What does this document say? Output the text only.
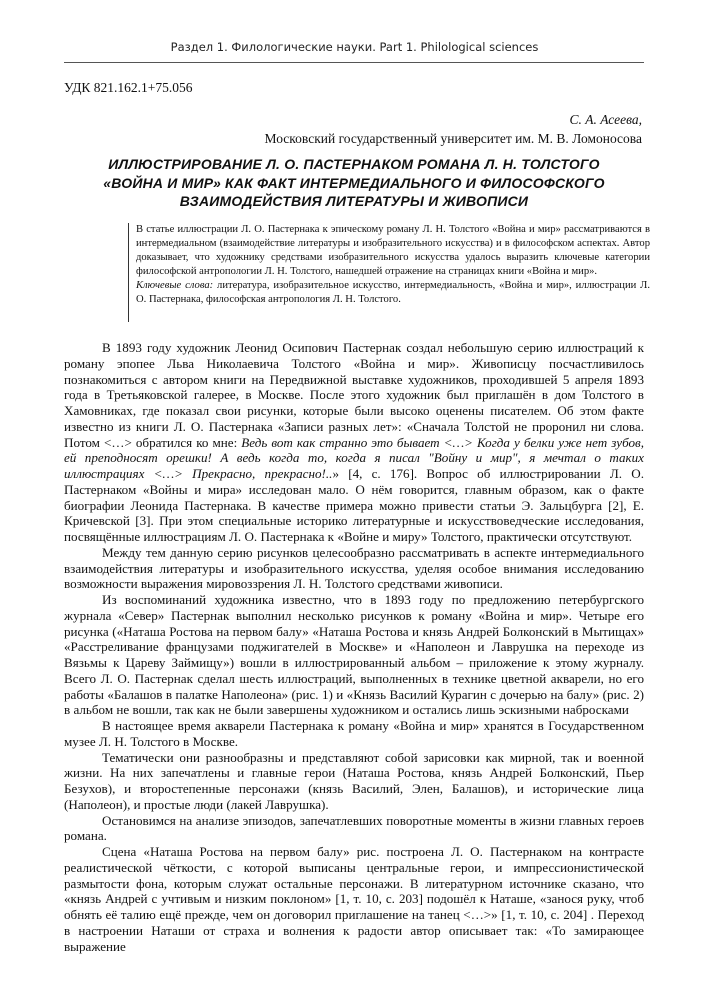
Раздел 1. Филологические науки. Part 1. Philological sciences
УДК 821.162.1+75.056
С. А. Асеева,
Московский государственный университет им. М. В. Ломоносова
ИЛЛЮСТРИРОВАНИЕ Л. О. ПАСТЕРНАКОМ РОМАНА Л. Н. ТОЛСТОГО
«ВОЙНА И МИР» КАК ФАКТ ИНТЕРМЕДИАЛЬНОГО И ФИЛОСОФСКОГО
ВЗАИМОДЕЙСТВИЯ ЛИТЕРАТУРЫ И ЖИВОПИСИ
В статье иллюстрации Л. О. Пастернака к эпическому роману Л. Н. Толстого «Война и мир» рассматриваются в интермедиальном (взаимодействие литературы и изобразительного искусства) и в философском аспектах. Автор доказывает, что художнику средствами изобразительного искусства удалось выразить ключевые категории философской антропологии Л. Н. Толстого, нашедшей отражение на страницах книги «Война и мир».
Ключевые слова: литература, изобразительное искусство, интермедиальность, «Война и мир», иллюстрации Л. О. Пастернака, философская антропология Л. Н. Толстого.

В 1893 году художник Леонид Осипович Пастернак создал небольшую серию иллюстраций к роману эпопее Льва Николаевича Толстого «Война и мир». Живописцу посчастливилось познакомиться с автором книги на Передвижной выставке художников, проходившей 5 апреля 1893 года в Третьяковской галерее, в Москве. После этого художник был приглашён в дом Толстого в Хамовниках, где показал свои рисунки, которые были высоко оценены писателем. Об этом факте известно из книги Л. О. Пастернака «Записи разных лет»: «Сначала Толстой не проронил ни слова. Потом <…> обратился ко мне: Ведь вот как странно это бывает <…> Когда у белки уже нет зубов, ей преподносят орешки! А ведь когда то, когда я писал "Войну и мир", я мечтал о таких иллюстрациях <…> Прекрасно, прекрасно!..» [4, с. 176]. Вопрос об иллюстрировании Л. О. Пастернаком «Войны и мира» исследован мало. О нём говорится, главным образом, как о факте биографии Леонида Пастернака. В качестве примера можно привести статьи Э. Зальцбурга [2], Е. Кричевской [3]. При этом специальные историко литературные и искусствоведческие исследования, посвящённые иллюстрациям Л. О. Пастернака к «Войне и миру» Толстого, практически отсутствуют.

Между тем данную серию рисунков целесообразно рассматривать в аспекте интермедиального взаимодействия литературы и изобразительного искусства, уделяя особое внимания исследованию возможности выражения мировоззрения Л. Н. Толстого средствами живописи.

Из воспоминаний художника известно, что в 1893 году по предложению петербургского журнала «Север» Пастернак выполнил несколько рисунков к роману «Война и мир». Четыре его рисунка («Наташа Ростова на первом балу» «Наташа Ростова и князь Андрей Болконский в Мытищах» «Расстреливание французами поджигателей в Москве» и «Наполеон и Лаврушка на переходе из Вязьмы к Цареву Займищу») вошли в иллюстрированный альбом – приложение к этому журналу. Всего Л. О. Пастернак сделал шесть иллюстраций, выполненных в технике цветной акварели, но его работы «Балашов в палатке Наполеона» (рис. 1) и «Князь Василий Курагин с дочерью на балу» (рис. 2) в альбом не вошли, так как не были завершены художником и остались лишь эскизными набросками

В настоящее время акварели Пастернака к роману «Война и мир» хранятся в Государственном музее Л. Н. Толстого в Москве.

Тематически они разнообразны и представляют собой зарисовки как мирной, так и военной жизни. На них запечатлены и главные герои (Наташа Ростова, князь Андрей Болконский, Пьер Безухов), и второстепенные персонажи (князь Василий, Элен, Балашов), и исторические лица (Наполеон), и простые люди (лакей Лаврушка).

Остановимся на анализе эпизодов, запечатлевших поворотные моменты в жизни главных героев романа.

Сцена «Наташа Ростова на первом балу» рис. построена Л. О. Пастернаком на контрасте реалистической чёткости, с которой выписаны центральные герои, и импрессионистической размытости фона, которым служат остальные персонажи. В литературном источнике сказано, что «князь Андрей с учтивым и низким поклоном» [1, т. 10, с. 203] подошёл к Наташе, «занося руку, чтоб обнять её талию ещё прежде, чем он договорил приглашение на танец <…>» [1, т. 10, с. 204] . Переход в настроении Наташи от страха и волнения к радости автор описывает так: «То замирающее выражение
